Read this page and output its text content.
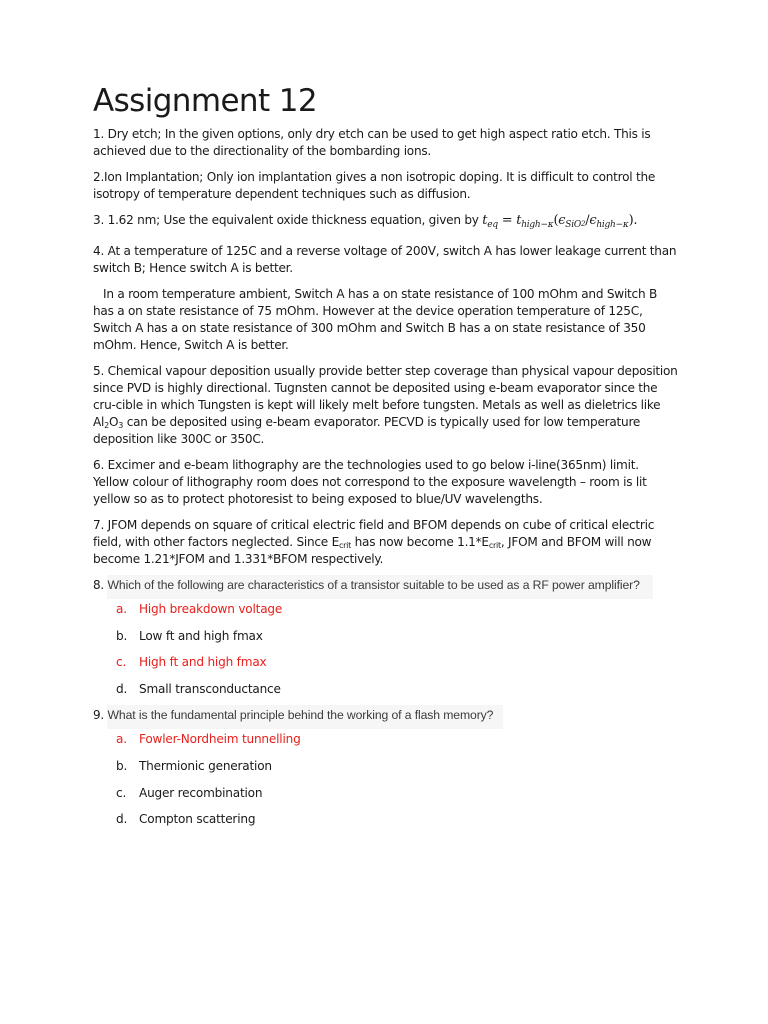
Assignment 12

1. Dry etch; In the given options, only dry etch can be used to get high aspect ratio etch. This is achieved due to the directionality of the bombarding ions.

2.Ion Implantation; Only ion implantation gives a non isotropic doping. It is difficult to control the isotropy of temperature dependent techniques such as diffusion.

3. 1.62 nm; Use the equivalent oxide thickness equation, given by $t_{eq} = t_{high-\kappa}(\epsilon_{SiO}2/\epsilon_{high-\kappa})$.

4. At a temperature of 125C and a reverse voltage of 200V, switch A has lower leakage current than switch B; Hence switch A is better.

In a room temperature ambient, Switch A has a on state resistance of 100 mOhm and Switch B has a on state resistance of 75 mOhm. However at the device operation temperature of 125C, Switch A has a on state resistance of 300 mOhm and Switch B has a on state resistance of 350 mOhm. Hence, Switch A is better.

5. Chemical vapour deposition usually provide better step coverage than physical vapour deposition since PVD is highly directional. Tugnsten cannot be deposited using e-beam evaporator since the cru-cible in which Tungsten is kept will likely melt before tungsten. Metals as well as dieletrics like $Al_2O_3$ can be deposited using e-beam evaporator. PECVD is typically used for low temperature deposition like 300C or 350C.

6. Excimer and e-beam lithography are the technologies used to go below i-line(365nm) limit. Yellow colour of lithography room does not correspond to the exposure wavelength – room is lit yellow so as to protect photoresist to being exposed to blue/UV wavelengths.

7. JFOM depends on square of critical electric field and BFOM depends on cube of critical electric field, with other factors neglected. Since $E_{crit}$ has now become $1.1*E_{crit}$, JFOM and BFOM will now become 1.21*JFOM and 1.331*BFOM respectively.

8. Which of the following are characteristics of a transistor suitable to be used as a RF power amplifier?

a. High breakdown voltage
b. Low ft and high fmax
c. High ft and high fmax
d. Small transconductance

9. What is the fundamental principle behind the working of a flash memory?

a. Fowler-Nordheim tunnelling
b. Thermionic generation
c. Auger recombination
d. Compton scattering
